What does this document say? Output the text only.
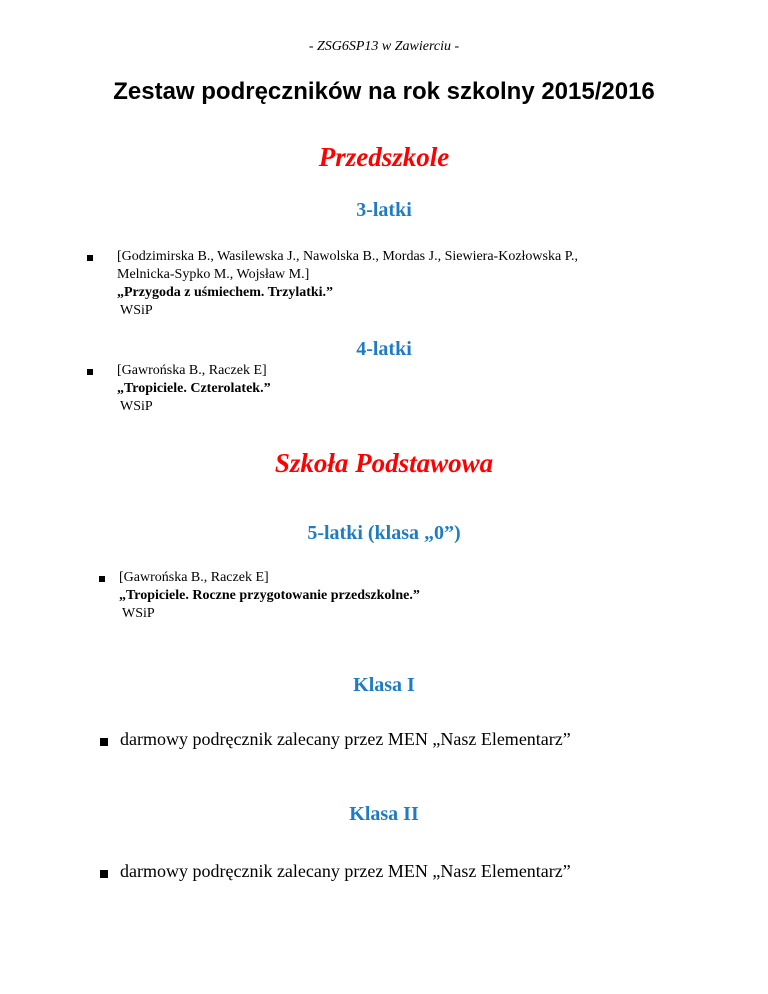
- ZSG6SP13 w Zawierciu -
Zestaw podręczników na rok szkolny 2015/2016
Przedszkole
3-latki
[Godzimirska B., Wasilewska J., Nawolska B., Mordas J., Siewiera-Kozłowska P.,
Melnicka-Sypko M., Wojsław M.]
„Przygoda z uśmiechem. Trzylatki.”
WSiP
4-latki
[Gawrońska B., Raczek E]
„Tropiciele. Czterolatek.”
WSiP
Szkoła Podstawowa
5-latki (klasa „0”)
[Gawrońska B., Raczek E]
„Tropiciele. Roczne przygotowanie przedszkolne.”
WSiP
Klasa I
darmowy podręcznik zalecany przez MEN „Nasz Elementarz”
Klasa II
darmowy podręcznik zalecany przez MEN „Nasz Elementarz”
